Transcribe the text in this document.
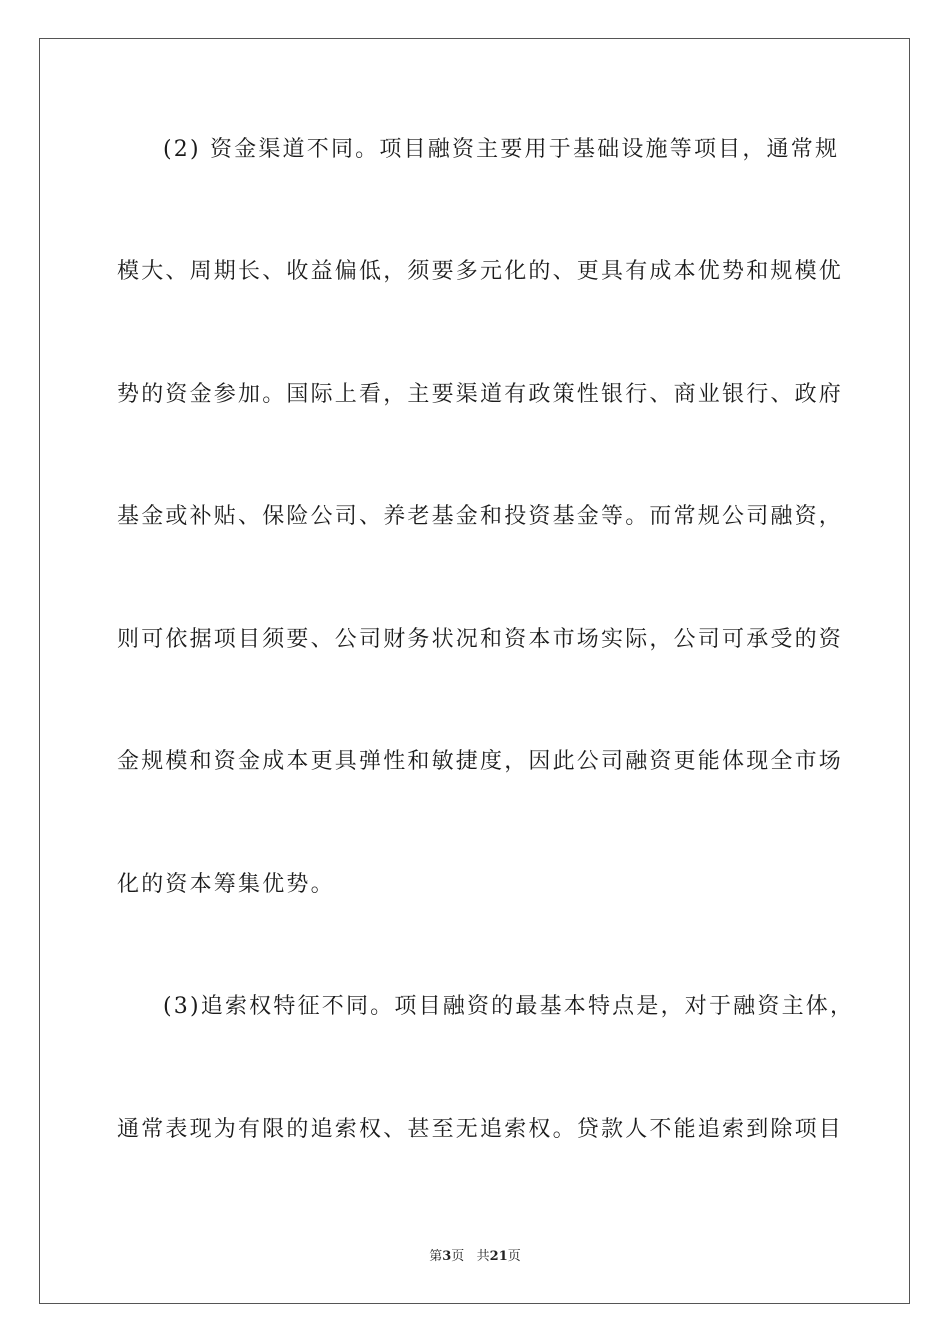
(2) 资金渠道不同。项目融资主要用于基础设施等项目，通常规
模大、周期长、收益偏低，须要多元化的、更具有成本优势和规模优
势的资金参加。国际上看，主要渠道有政策性银行、商业银行、政府
基金或补贴、保险公司、养老基金和投资基金等。而常规公司融资，
则可依据项目须要、公司财务状况和资本市场实际，公司可承受的资
金规模和资金成本更具弹性和敏捷度，因此公司融资更能体现全市场
化的资本筹集优势。
(3)追索权特征不同。项目融资的最基本特点是，对于融资主体，
通常表现为有限的追索权、甚至无追索权。贷款人不能追索到除项目
第3页   共21页
